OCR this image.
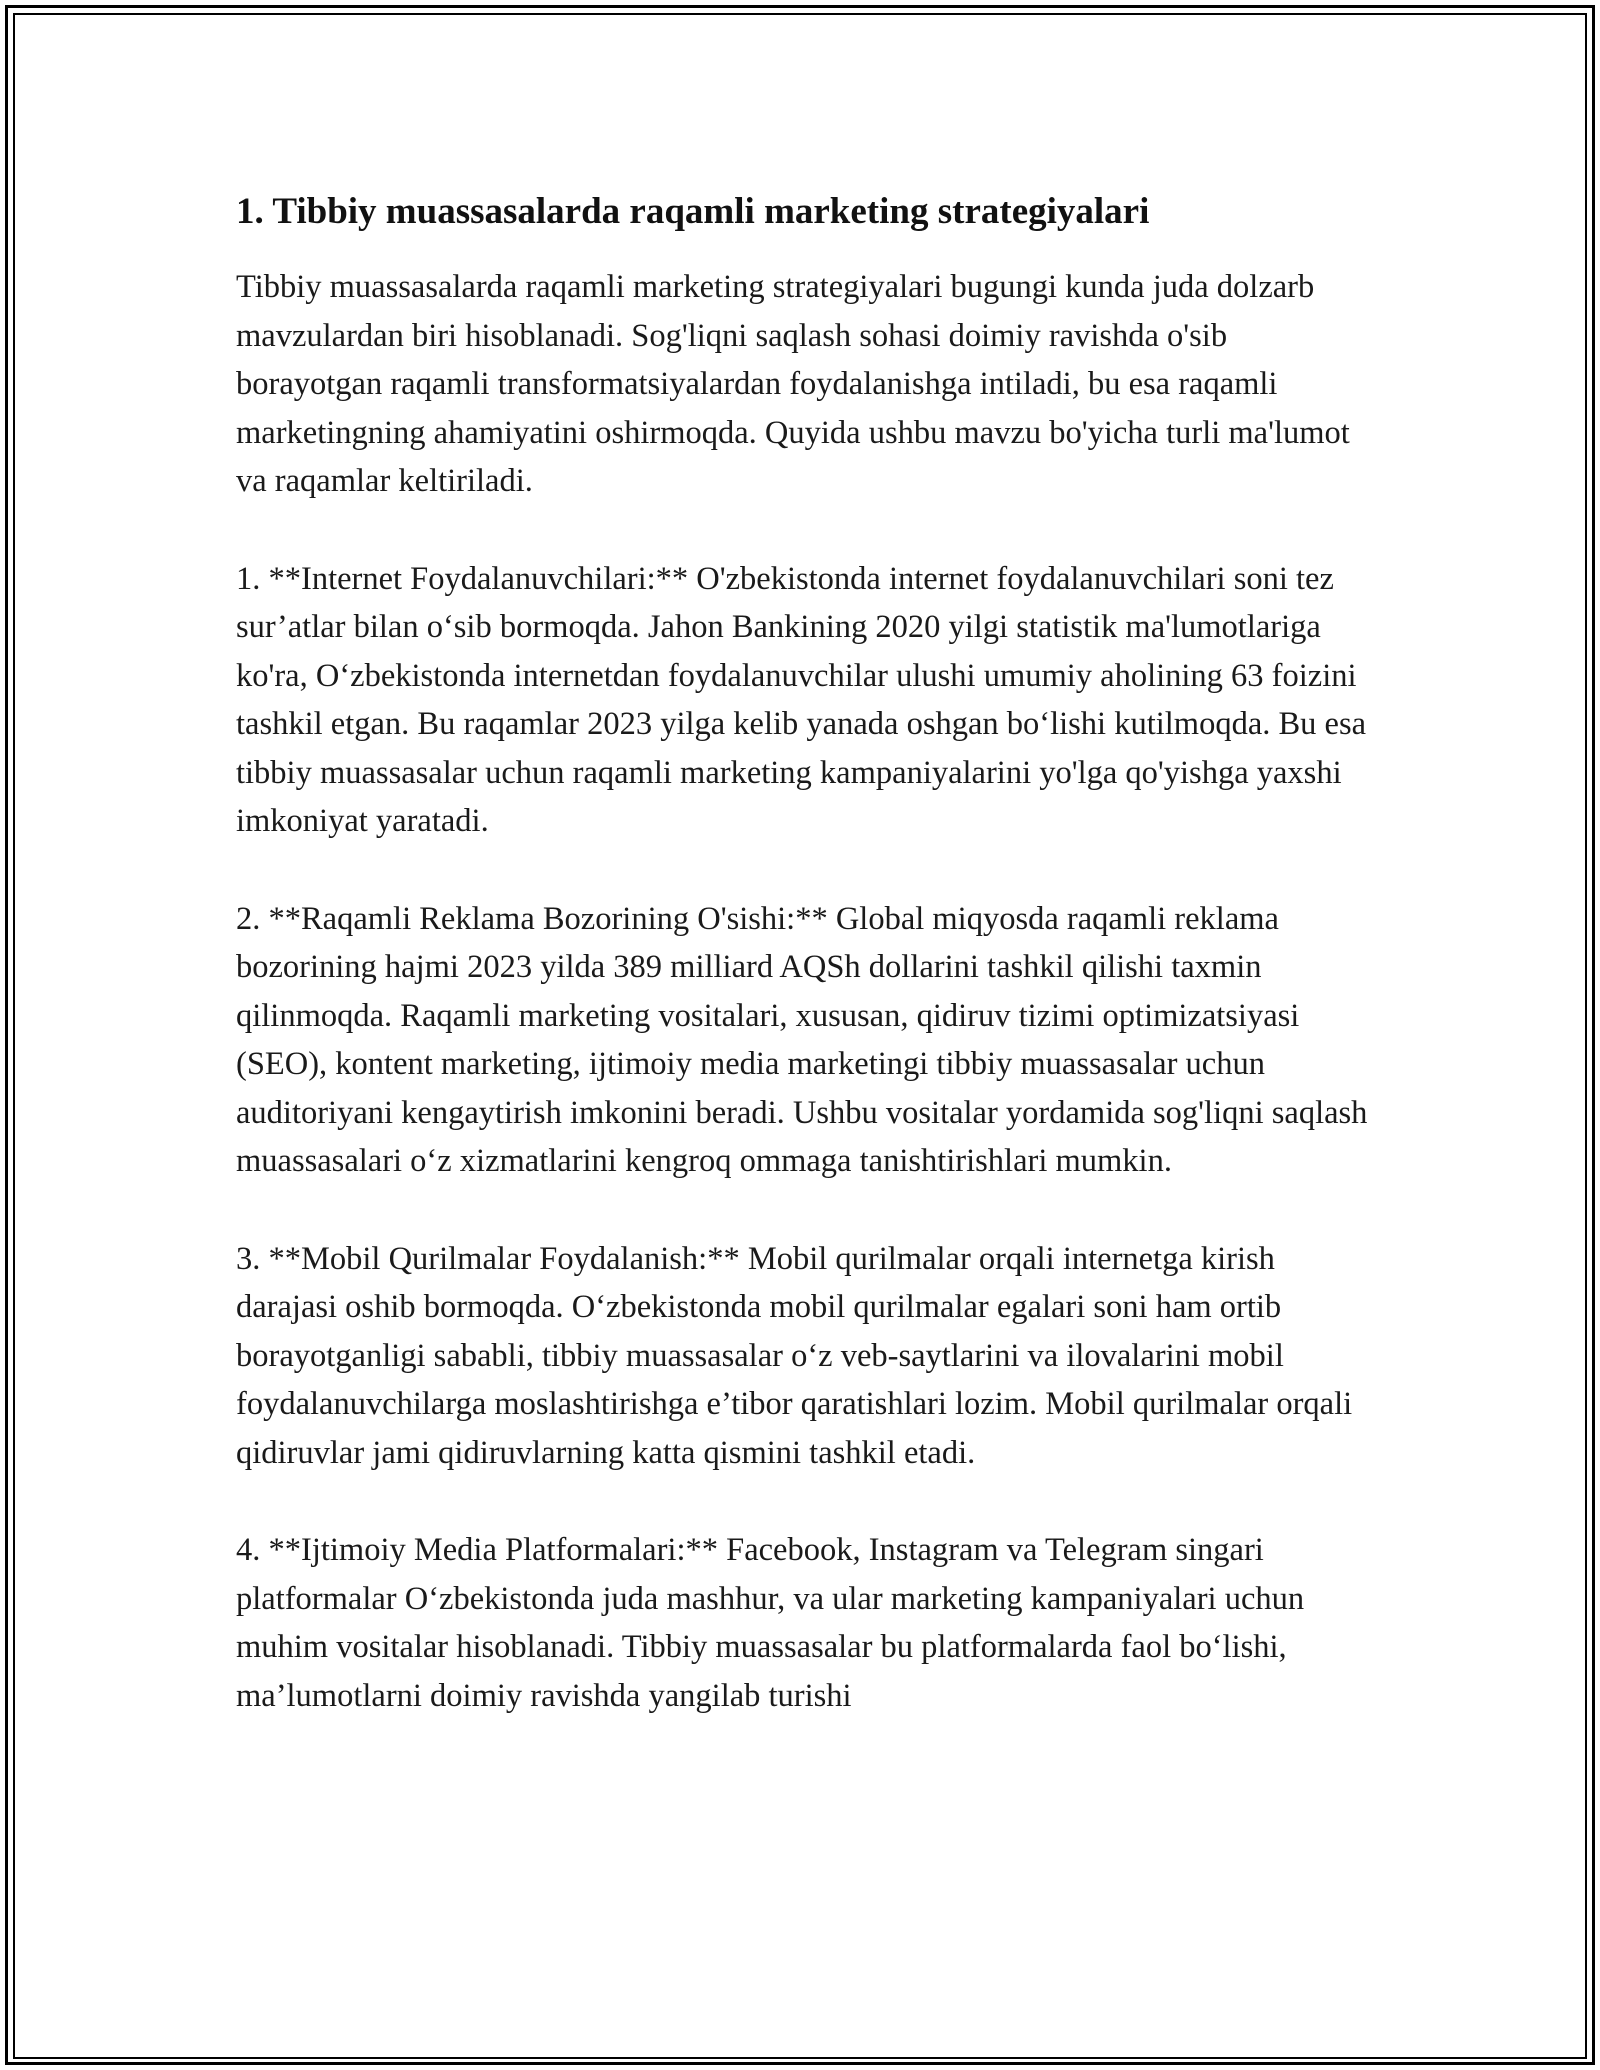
1. Tibbiy muassasalarda raqamli marketing strategiyalari

Tibbiy muassasalarda raqamli marketing strategiyalari bugungi kunda juda dolzarb mavzulardan biri hisoblanadi. Sog'liqni saqlash sohasi doimiy ravishda o'sib borayotgan raqamli transformatsiyalardan foydalanishga intiladi, bu esa raqamli marketingning ahamiyatini oshirmoqda. Quyida ushbu mavzu bo'yicha turli ma'lumot va raqamlar keltiriladi.

1. **Internet Foydalanuvchilari:** O'zbekistonda internet foydalanuvchilari soni tez sur’atlar bilan o‘sib bormoqda. Jahon Bankining 2020 yilgi statistik ma'lumotlariga ko'ra, O‘zbekistonda internetdan foydalanuvchilar ulushi umumiy aholining 63 foizini tashkil etgan. Bu raqamlar 2023 yilga kelib yanada oshgan bo‘lishi kutilmoqda. Bu esa tibbiy muassasalar uchun raqamli marketing kampaniyalarini yo'lga qo'yishga yaxshi imkoniyat yaratadi.

2. **Raqamli Reklama Bozorining O'sishi:** Global miqyosda raqamli reklama bozorining hajmi 2023 yilda 389 milliard AQSh dollarini tashkil qilishi taxmin qilinmoqda. Raqamli marketing vositalari, xususan, qidiruv tizimi optimizatsiyasi (SEO), kontent marketing, ijtimoiy media marketingi tibbiy muassasalar uchun auditoriyani kengaytirish imkonini beradi. Ushbu vositalar yordamida sog'liqni saqlash muassasalari o‘z xizmatlarini kengroq ommaga tanishtirishlari mumkin.

3. **Mobil Qurilmalar Foydalanish:** Mobil qurilmalar orqali internetga kirish darajasi oshib bormoqda. O‘zbekistonda mobil qurilmalar egalari soni ham ortib borayotganligi sababli, tibbiy muassasalar o‘z veb-saytlarini va ilovalarini mobil foydalanuvchilarga moslashtirishga e’tibor qaratishlari lozim. Mobil qurilmalar orqali qidiruvlar jami qidiruvlarning katta qismini tashkil etadi.

4. **Ijtimoiy Media Platformalari:** Facebook, Instagram va Telegram singari platformalar O‘zbekistonda juda mashhur, va ular marketing kampaniyalari uchun muhim vositalar hisoblanadi. Tibbiy muassasalar bu platformalarda faol bo‘lishi, ma’lumotlarni doimiy ravishda yangilab turishi
